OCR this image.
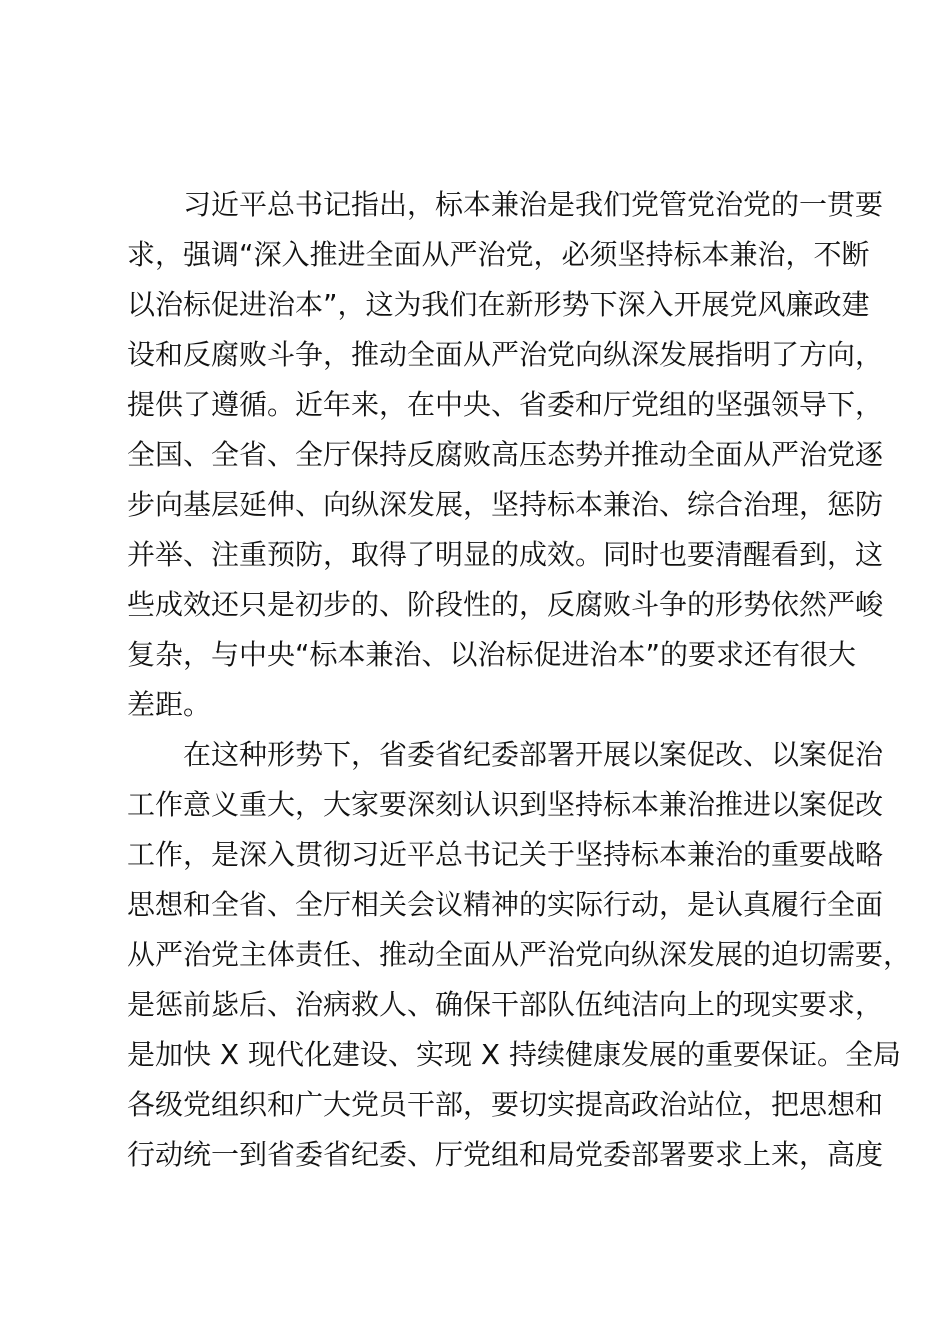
习近平总书记指出，标本兼治是我们党管党治党的一贯要
求，强调“深入推进全面从严治党，必须坚持标本兼治，不断
以治标促进治本”，这为我们在新形势下深入开展党风廉政建
设和反腐败斗争，推动全面从严治党向纵深发展指明了方向，
提供了遵循。近年来，在中央、省委和厅党组的坚强领导下，
全国、全省、全厅保持反腐败高压态势并推动全面从严治党逐
步向基层延伸、向纵深发展，坚持标本兼治、综合治理，惩防
并举、注重预防，取得了明显的成效。同时也要清醒看到，这
些成效还只是初步的、阶段性的，反腐败斗争的形势依然严峻
复杂，与中央“标本兼治、以治标促进治本”的要求还有很大
差距。
在这种形势下，省委省纪委部署开展以案促改、以案促治
工作意义重大，大家要深刻认识到坚持标本兼治推进以案促改
工作，是深入贯彻习近平总书记关于坚持标本兼治的重要战略
思想和全省、全厅相关会议精神的实际行动，是认真履行全面
从严治党主体责任、推动全面从严治党向纵深发展的迫切需要，
是惩前毖后、治病救人、确保干部队伍纯洁向上的现实要求，
是加快 X 现代化建设、实现 X 持续健康发展的重要保证。全局
各级党组织和广大党员干部，要切实提高政治站位，把思想和
行动统一到省委省纪委、厅党组和局党委部署要求上来，高度
